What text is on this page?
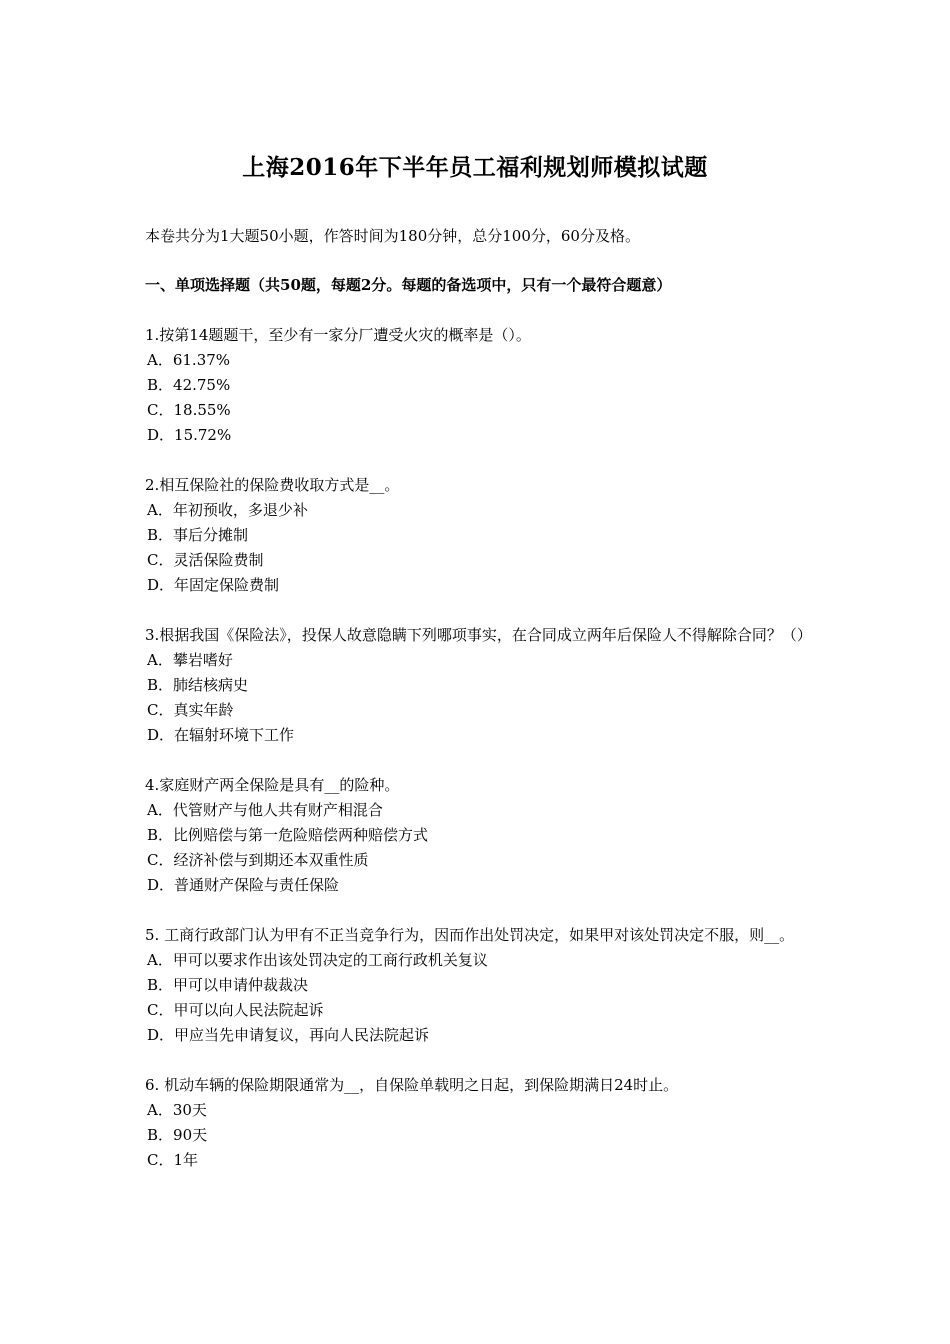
上海2016年下半年员工福利规划师模拟试题
本卷共分为1大题50小题，作答时间为180分钟，总分100分，60分及格。
一、单项选择题（共50题，每题2分。每题的备选项中，只有一个最符合题意）

1.按第14题题干，至少有一家分厂遭受火灾的概率是（）。

A．61.37%

B．42.75%

C．18.55%

D．15.72%

2.相互保险社的保险费收取方式是__。

A．年初预收，多退少补

B．事后分摊制

C．灵活保险费制

D．年固定保险费制

3.根据我国《保险法》，投保人故意隐瞒下列哪项事实，在合同成立两年后保险人不得解除合同？（）

A．攀岩嗜好

B．肺结核病史

C．真实年龄

D．在辐射环境下工作

4.家庭财产两全保险是具有__的险种。

A．代管财产与他人共有财产相混合

B．比例赔偿与第一危险赔偿两种赔偿方式

C．经济补偿与到期还本双重性质

D．普通财产保险与责任保险

5. 工商行政部门认为甲有不正当竞争行为，因而作出处罚决定，如果甲对该处罚决定不服，则__。

A．甲可以要求作出该处罚决定的工商行政机关复议

B．甲可以申请仲裁裁决

C．甲可以向人民法院起诉

D．甲应当先申请复议，再向人民法院起诉

6. 机动车辆的保险期限通常为__，自保险单载明之日起，到保险期满日24时止。

A．30天

B．90天

C．1年
